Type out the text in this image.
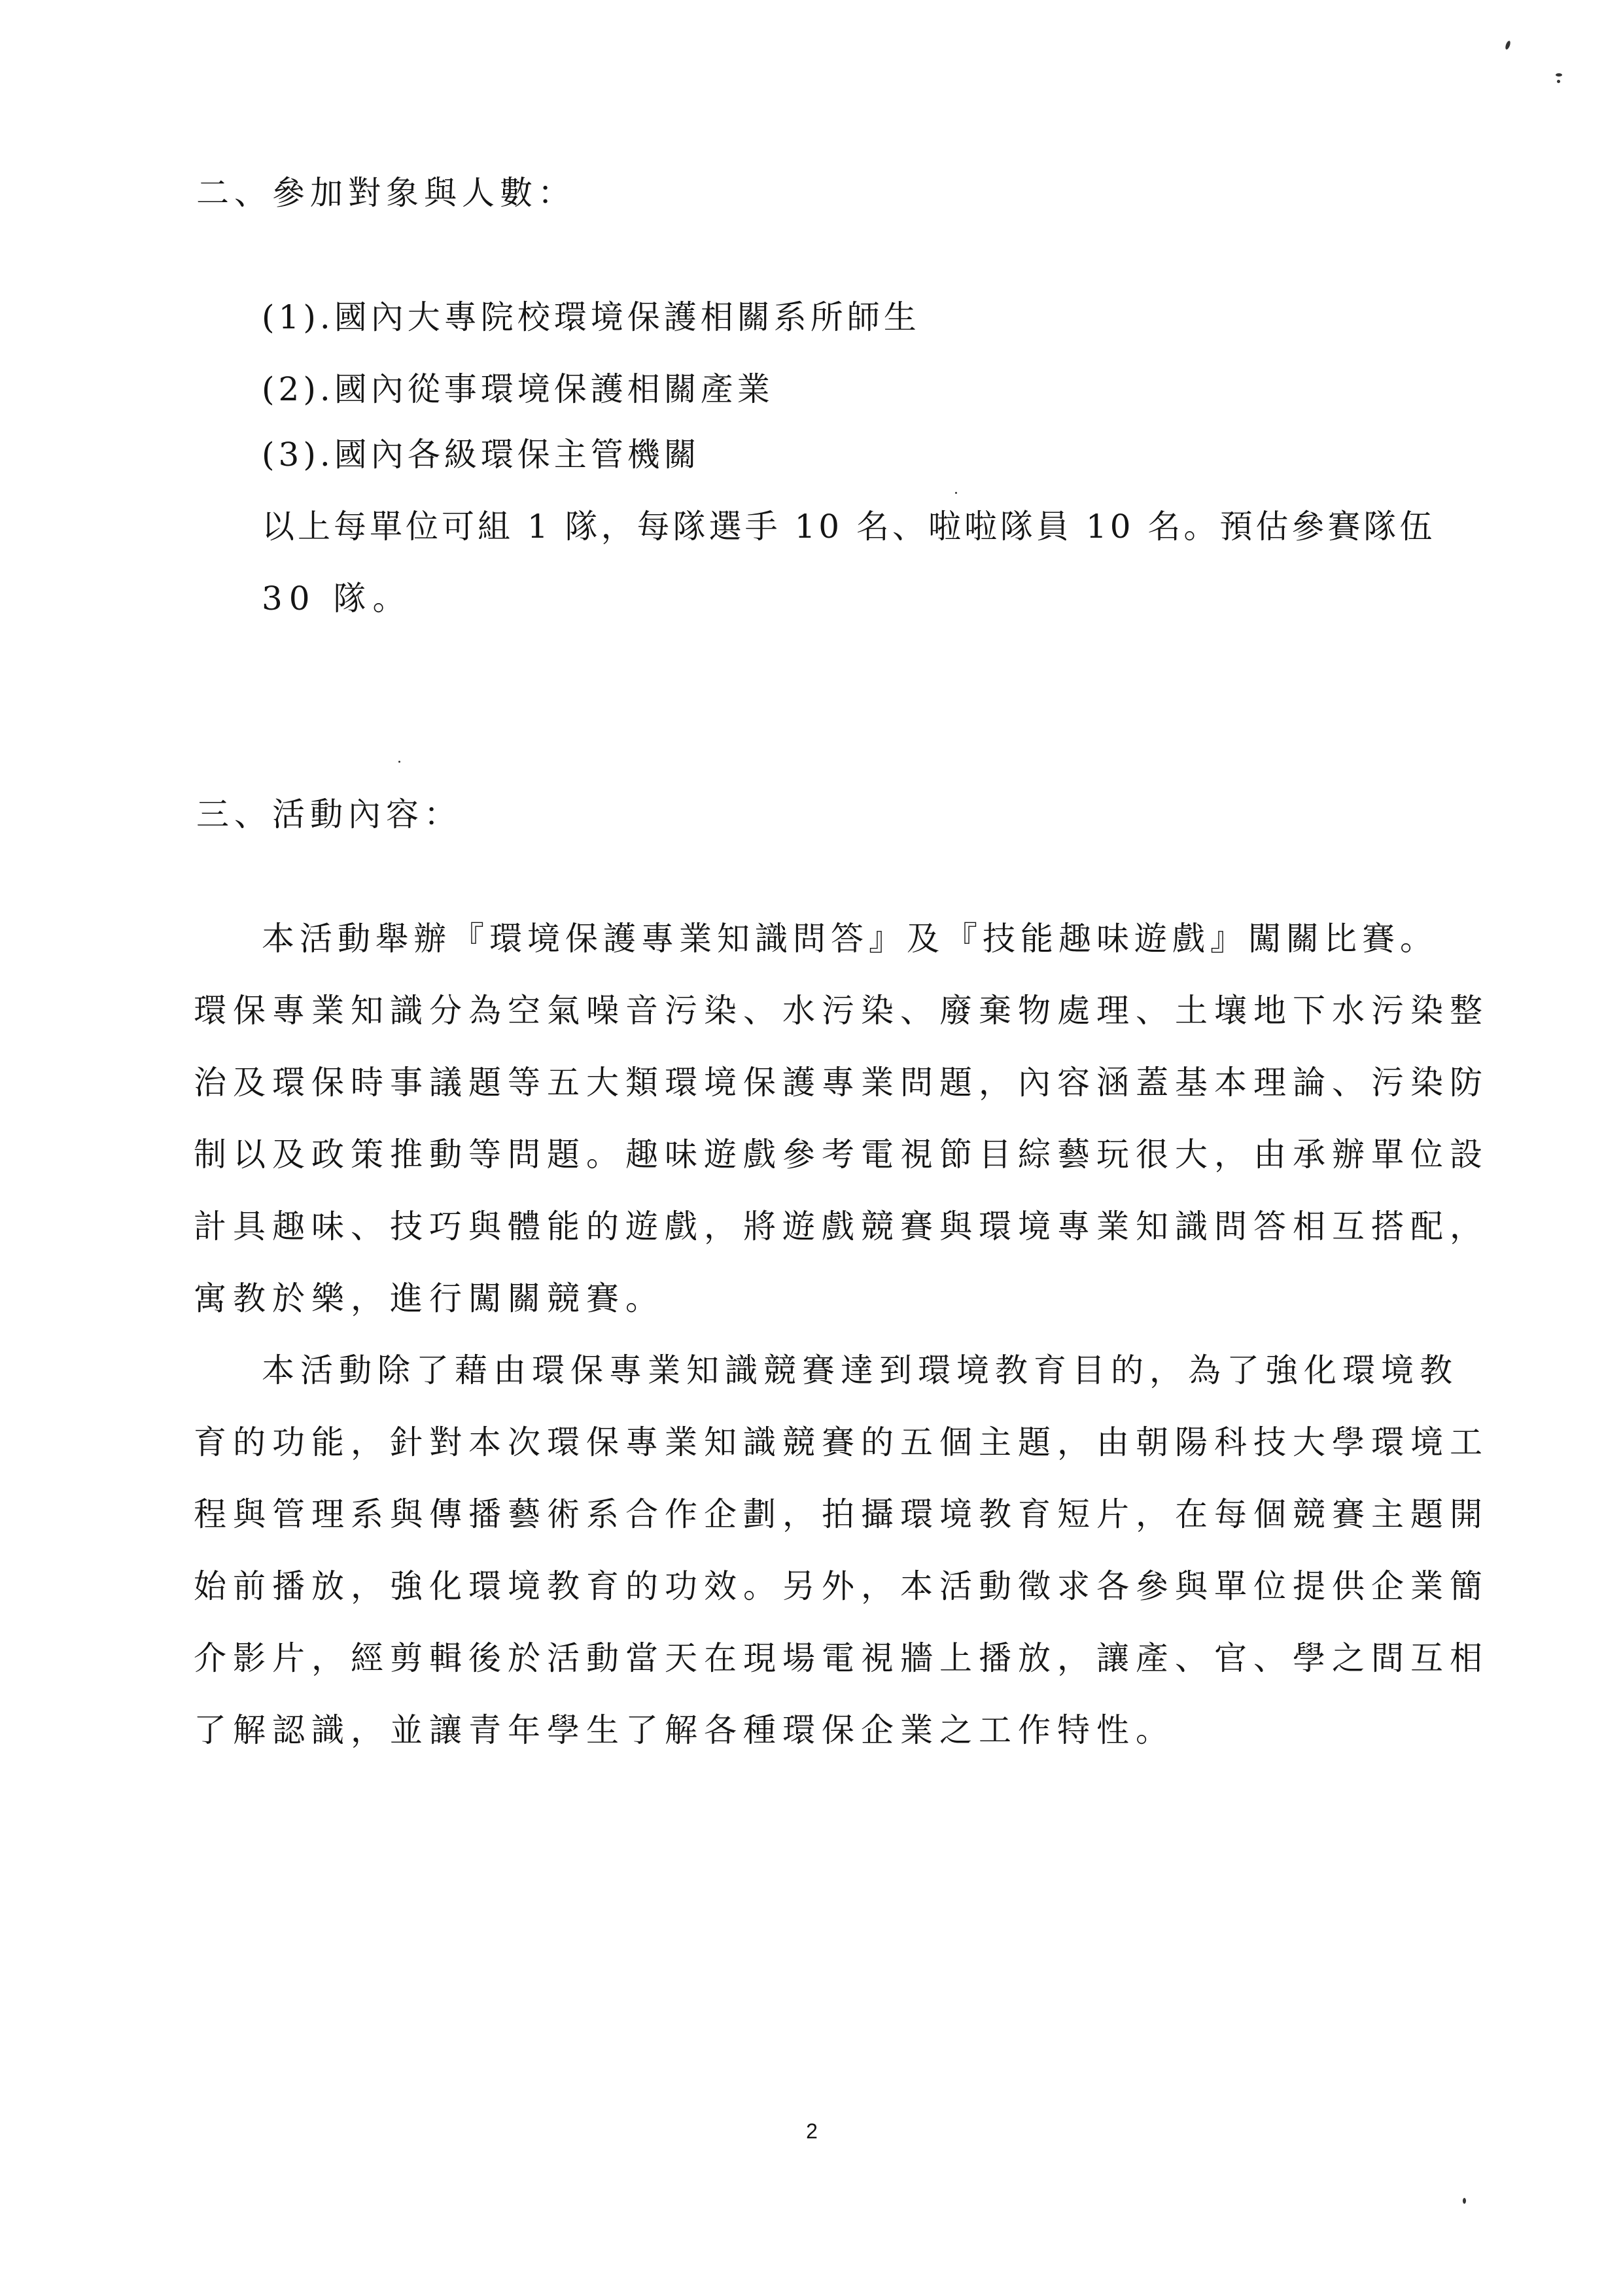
二、參加對象與人數：
(1).國內大專院校環境保護相關系所師生
(2).國內從事環境保護相關產業
(3).國內各級環保主管機關
以上每單位可組 1 隊，每隊選手 10 名、啦啦隊員 10 名。預估參賽隊伍
30 隊。
三、活動內容：
本活動舉辦『環境保護專業知識問答』及『技能趣味遊戲』闖關比賽。
環保專業知識分為空氣噪音污染、水污染、廢棄物處理、土壤地下水污染整
治及環保時事議題等五大類環境保護專業問題，內容涵蓋基本理論、污染防
制以及政策推動等問題。趣味遊戲參考電視節目綜藝玩很大，由承辦單位設
計具趣味、技巧與體能的遊戲，將遊戲競賽與環境專業知識問答相互搭配，
寓教於樂，進行闖關競賽。
本活動除了藉由環保專業知識競賽達到環境教育目的，為了強化環境教
育的功能，針對本次環保專業知識競賽的五個主題，由朝陽科技大學環境工
程與管理系與傳播藝術系合作企劃，拍攝環境教育短片，在每個競賽主題開
始前播放，強化環境教育的功效。另外，本活動徵求各參與單位提供企業簡
介影片，經剪輯後於活動當天在現場電視牆上播放，讓產、官、學之間互相
了解認識，並讓青年學生了解各種環保企業之工作特性。
2
